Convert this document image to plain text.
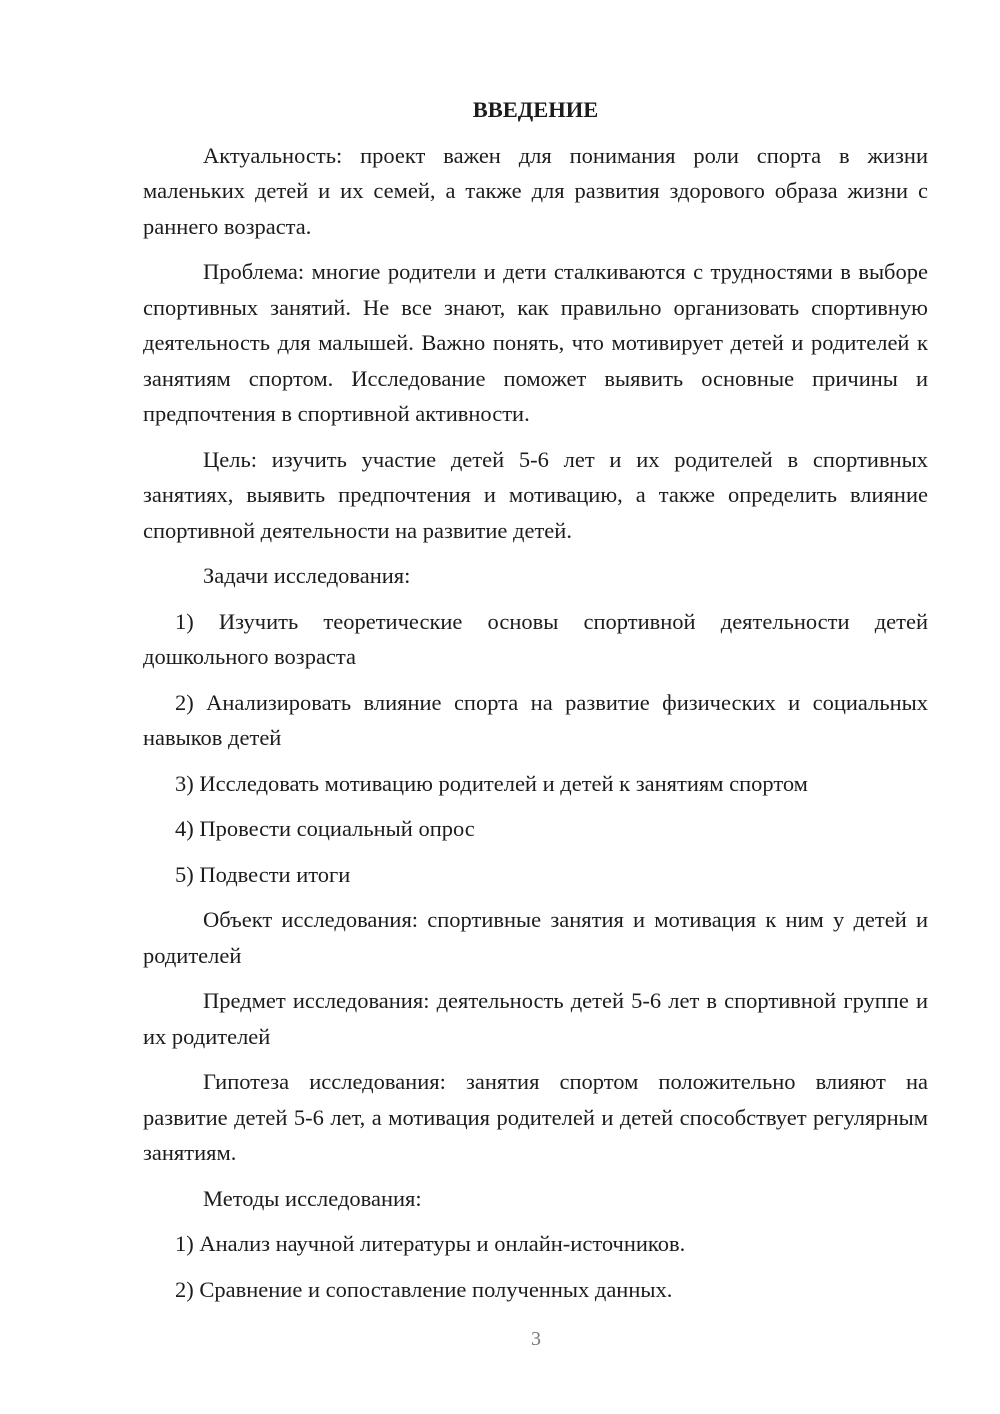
ВВЕДЕНИЕ

Актуальность: проект важен для понимания роли спорта в жизни маленьких детей и их семей, а также для развития здорового образа жизни с раннего возраста.

Проблема: многие родители и дети сталкиваются с трудностями в выборе спортивных занятий. Не все знают, как правильно организовать спортивную деятельность для малышей. Важно понять, что мотивирует детей и родителей к занятиям спортом. Исследование поможет выявить основные причины и предпочтения в спортивной активности.

Цель: изучить участие детей 5-6 лет и их родителей в спортивных занятиях, выявить предпочтения и мотивацию, а также определить влияние спортивной деятельности на развитие детей.

Задачи исследования:

1) Изучить теоретические основы спортивной деятельности детей дошкольного возраста

2) Анализировать влияние спорта на развитие физических и социальных навыков детей

3) Исследовать мотивацию родителей и детей к занятиям спортом

4) Провести социальный опрос

5) Подвести итоги

Объект исследования: спортивные занятия и мотивация к ним у детей и родителей

Предмет исследования: деятельность детей 5-6 лет в спортивной группе и их родителей

Гипотеза исследования: занятия спортом положительно влияют на развитие детей 5-6 лет, а мотивация родителей и детей способствует регулярным занятиям.

Методы исследования:

1) Анализ научной литературы и онлайн-источников.

2) Сравнение и сопоставление полученных данных.

3
